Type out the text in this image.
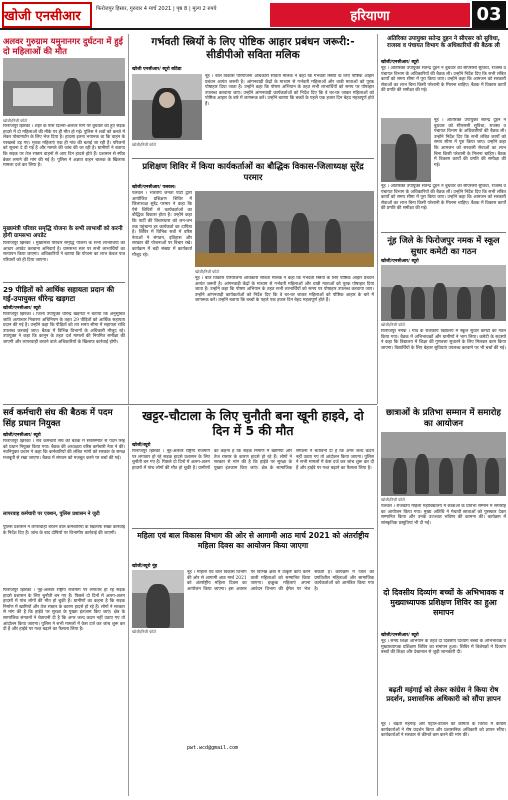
खोजी एनसीआर	फिरोजपुर हिसार, गुरुवार 4 मार्च 2021 | पृष्ठ 8 | मूल्य 2 रुपये	हरियाणा	03
अलवर गुरुग्राम यमुनानगर दुर्घटना में हुई दो महिलाओं की मौत
खोजी/निजी फोटो
फिरोजपुर झिरका । शहर के पास दिल्ली-अलवर मार्ग पर बुधवार को हुए सड़क हादसे में दो महिलाओं की मौके पर ही मौत हो गई। पुलिस ने शवों को कब्जे में लेकर पोस्टमार्टम के लिए भेज दिया है। हादसा इतना भयानक था कि वाहन के परखच्चे उड़ गए। मृतक महिलाएं एक ही गांव की बताई जा रही हैं। परिजनों को सूचना दे दी गई है और मामले की जांच की जा रही है। ग्रामीणों ने बताया कि सड़क पर तेज रफ्तार वाहनों से आए दिन हादसे होते हैं। प्रशासन से स्पीड ब्रेकर लगाने की मांग की गई है। पुलिस ने अज्ञात वाहन चालक के खिलाफ मामला दर्ज कर लिया है।
मुख्यमंत्री परिवार समृद्धि योजना के सभी लाभार्थी को करनी होगी ग्रामसभा अपडेट
फिरोजपुर झिरका । मुख्यमंत्री परिवार समृद्धि योजना के सभी लाभार्थियों को आधार अपडेट करवाना अनिवार्य है। ग्रामसभा स्तर पर सभी लाभार्थियों का सत्यापन किया जाएगा। अधिकारियों ने बताया कि योजना का लाभ केवल पात्र परिवारों को ही दिया जाएगा।
29 पीड़ितों को आर्थिक सहायता प्रदान की गई-उपायुक्त धीरेन्द्र खड़गटा
खोजी/एनसीआर/ ब्यूरो
फिरोजपुर झिरका । जिला उपायुक्त धीरेन्द्र खड़गटा ने बताया कि अनुसूचित जाति अत्याचार निवारण अधिनियम के तहत 29 पीड़ितों को आर्थिक सहायता प्रदान की गई है। उन्होंने कहा कि पीड़ितों को तय समय सीमा में सहायता राशि उपलब्ध करवाई जाए। बैठक में विभिन्न विभागों के अधिकारी मौजूद रहे। उपायुक्त ने कहा कि कानून के तहत दर्ज मामलों की नियमित समीक्षा की जाएगी और लापरवाही बरतने वाले अधिकारियों के खिलाफ कार्रवाई होगी।
गर्भवती स्त्रियों के लिए पोष्टिक आहार प्रबंधन जरूरी:- सीडीपीओ सविता मलिक
खोजी एनसीआर/ ब्यूरो बठिंडा
खोजी/निजी फोटो
नूंह । बाल विकास परियोजना अधिकारी सविता मलिक ने कहा कि गर्भवती स्त्रियों के लिए पोष्टिक आहार प्रबंधन अत्यंत जरूरी है। आंगनवाड़ी केंद्रों के माध्यम से गर्भवती महिलाओं और धात्री माताओं को पूरक पोषाहार दिया जाता है। उन्होंने कहा कि पोषण अभियान के तहत सभी लाभार्थियों को समय पर पोषाहार उपलब्ध करवाया जाए। उन्होंने आंगनवाड़ी कार्यकर्ताओं को निर्देश दिए कि वे घर-घर जाकर महिलाओं को पोष्टिक आहार के बारे में जागरूक करें। उन्होंने बताया कि बच्चों के पहले एक हजार दिन बेहद महत्वपूर्ण होते हैं।
प्रशिक्षण शिविर में किया कार्यकर्ताओं का बौद्धिक विकास-जिलाध्यक्ष सुरेंद्र परमार
खोजी/एनसीआर/ पलवल।
पलवल । भारतीय जनता पार्टी द्वारा आयोजित प्रशिक्षण शिविर में जिलाध्यक्ष सुरेंद्र परमार ने कहा कि ऐसे शिविरों से कार्यकर्ताओं का बौद्धिक विकास होता है। उन्होंने कहा कि पार्टी की विचारधारा को जन-जन तक पहुंचाना हर कार्यकर्ता का दायित्व है। शिविर में विभिन्न सत्रों में वरिष्ठ नेताओं ने संगठन, इतिहास और सरकार की योजनाओं पर विचार रखे। कार्यक्रम में बड़ी संख्या में कार्यकर्ता मौजूद रहे।
खोजी/निजी फोटो
नूंह । बाल विकास परियोजना अधिकारी सविता मलिक ने कहा कि गर्भवती स्त्रियों के लिए पोष्टिक आहार प्रबंधन अत्यंत जरूरी है। आंगनवाड़ी केंद्रों के माध्यम से गर्भवती महिलाओं और धात्री माताओं को पूरक पोषाहार दिया जाता है। उन्होंने कहा कि पोषण अभियान के तहत सभी लाभार्थियों को समय पर पोषाहार उपलब्ध करवाया जाए। उन्होंने आंगनवाड़ी कार्यकर्ताओं को निर्देश दिए कि वे घर-घर जाकर महिलाओं को पोष्टिक आहार के बारे में जागरूक करें। उन्होंने बताया कि बच्चों के पहले एक हजार दिन बेहद महत्वपूर्ण होते हैं।
अतिरिक्त उपायुक्त सतेन्द्र दुहन ने सीएसर को सुविधा, राजस्व व पंचायत विभाग के अधिकारियों की बैठक ली
खोजी/एनसीआर/ ब्यूरो
नूंह । अतिरिक्त उपायुक्त सतेन्द्र दुहन ने बुधवार को सीएससी सुविधा, राजस्व व पंचायत विभाग के अधिकारियों की बैठक ली। उन्होंने निर्देश दिए कि सभी लंबित कार्यों को समय सीमा में पूरा किया जाए। उन्होंने कहा कि आमजन को सरकारी सेवाओं का लाभ बिना किसी परेशानी के मिलना चाहिए। बैठक में विकास कार्यों की प्रगति की समीक्षा की गई।
नूंह । अतिरिक्त उपायुक्त सतेन्द्र दुहन ने बुधवार को सीएससी सुविधा, राजस्व व पंचायत विभाग के अधिकारियों की बैठक ली। उन्होंने निर्देश दिए कि सभी लंबित कार्यों को समय सीमा में पूरा किया जाए। उन्होंने कहा कि आमजन को सरकारी सेवाओं का लाभ बिना किसी परेशानी के मिलना चाहिए। बैठक में विकास कार्यों की प्रगति की समीक्षा की गई।
नूंह । अतिरिक्त उपायुक्त सतेन्द्र दुहन ने बुधवार को सीएससी सुविधा, राजस्व व पंचायत विभाग के अधिकारियों की बैठक ली। उन्होंने निर्देश दिए कि सभी लंबित कार्यों को समय सीमा में पूरा किया जाए। उन्होंने कहा कि आमजन को सरकारी सेवाओं का लाभ बिना किसी परेशानी के मिलना चाहिए। बैठक में विकास कार्यों की प्रगति की समीक्षा की गई।
नूंह जिले के फिरोजपुर नमक में स्कूल सुधार कमेटी का गठन
खोजी/एनसीआर/ ब्यूरो
खोजी/निजी फोटो
फिरोजपुर नमक । गांव के राजकीय विद्यालय में स्कूल सुधार कमेटी का गठन किया गया। बैठक में अभिभावकों और ग्रामीणों ने भाग लिया। कमेटी के सदस्यों ने कहा कि विद्यालय में शिक्षा की गुणवत्ता सुधारने के लिए मिलकर काम किया जाएगा। विद्यार्थियों के लिए बेहतर सुविधाएं उपलब्ध करवाने पर भी चर्चा की गई।
खट्टर-चौटाला के लिए चुनौती बना खूनी हाइवे, दो दिन में 5 की मौत
खोजी/ब्यूरो
फिरोजपुर झिरका । नूंह-अलवर राष्ट्रीय राजमार्ग पर लगातार हो रहे सड़क हादसे प्रशासन के लिए चुनौती बन गए हैं। पिछले दो दिनों में अलग-अलग हादसों में पांच लोगों की मौत हो चुकी है। ग्रामीणों का कहना है कि सड़क निर्माण में खामियों और तेज रफ्तार के कारण हादसे हो रहे हैं। लोगों ने सरकार से मांग की है कि हाईवे पर सुरक्षा के पुख्ता इंतजाम किए जाएं। क्षेत्र के सामाजिक संगठनों ने चेतावनी दी है कि अगर जल्द कदम नहीं उठाए गए तो आंदोलन किया जाएगा। पुलिस ने सभी मामलों में केस दर्ज कर जांच शुरू कर दी है और हाईवे पर गश्त बढ़ाने का फैसला लिया है।
सर्व कर्मचारी संघ की बैठक में पदम सिंह प्रधान नियुक्त
खोजी/एनसीआर/ ब्यूरो
फिरोजपुर झिरका । सर्व कर्मचारी संघ की बैठक में सर्वसम्मति से पदम सिंह को प्रधान नियुक्त किया गया। बैठक की अध्यक्षता वरिष्ठ कर्मचारी नेता ने की। नवनियुक्त प्रधान ने कहा कि कर्मचारियों की लंबित मांगों को सरकार के समक्ष मजबूती से रखा जाएगा। बैठक में संगठन को मजबूत करने पर चर्चा की गई।
लापरवाह कर्मचारी पर एक्शन, पुलिस प्रशासन ने जुटी
पुलिस प्रशासन ने लापरवाही बरतने वाले कर्मचारियों के खिलाफ सख्त कार्रवाई के निर्देश दिए हैं। जांच के बाद दोषियों पर विभागीय कार्रवाई की जाएगी।
छात्राओं के प्रतिभा सम्मान में समारोह का आयोजन
खोजी/निजी फोटो
पलवल । राजकीय महिला महाविद्यालय में छात्राओं के प्रतिभा सम्मान में समारोह का आयोजन किया गया। मुख्य अतिथि ने मेधावी छात्राओं को पुरस्कार देकर सम्मानित किया और उनके उज्ज्वल भविष्य की कामना की। कार्यक्रम में सांस्कृतिक प्रस्तुतियां भी दी गईं।
महिला एवं बाल विकास विभाग की ओर से आगामी आठ मार्च 2021 को अंतर्राष्ट्रीय महिला दिवस का आयोजन किया जाएगा
खोजी/ब्यूरो नूंह
खोजी/निजी फोटो
नूंह । महिला एवं बाल विकास विभाग की ओर से आगामी आठ मार्च 2021 को अंतर्राष्ट्रीय महिला दिवस का आयोजन किया जाएगा। इस अवसर पर विभिन्न क्षेत्रों में उत्कृष्ट कार्य करने वाली महिलाओं को सम्मानित किया जाएगा। इच्छुक महिलाएं अपना आवेदन विभाग की ईमेल पर भेज सकती हैं। कार्यक्रम में जिले की प्रगतिशील महिलाओं और सामाजिक कार्यकर्ताओं को आमंत्रित किया गया है।
pwt.wcd@gmail.com
दो दिवसीय दिव्यांग बच्चों के अभिभावक व मुख्याध्यापक प्रशिक्षण शिविर का हुआ समापन
खोजी/एनसीआर/ ब्यूरो
नूंह । समग्र शिक्षा अभियान के तहत दो दिवसीय दिव्यांग बच्चों के अभिभावक व मुख्याध्यापक प्रशिक्षण शिविर का समापन हुआ। शिविर में विशेषज्ञों ने दिव्यांग बच्चों की शिक्षा और देखभाल से जुड़ी जानकारी दी।
बढ़ती महंगाई को लेकर कांग्रेस ने किया रोष प्रदर्शन, प्रशासनिक अधिकारी को सौंपा ज्ञापन
नूंह । बढ़ती महंगाई और पेट्रोल-डीजल की कीमतों के विरोध में कांग्रेस कार्यकर्ताओं ने रोष प्रदर्शन किया और प्रशासनिक अधिकारी को ज्ञापन सौंपा। कार्यकर्ताओं ने सरकार से कीमतें कम करने की मांग की।
फिरोजपुर झिरका । नूंह-अलवर राष्ट्रीय राजमार्ग पर लगातार हो रहे सड़क हादसे प्रशासन के लिए चुनौती बन गए हैं। पिछले दो दिनों में अलग-अलग हादसों में पांच लोगों की मौत हो चुकी है। ग्रामीणों का कहना है कि सड़क निर्माण में खामियों और तेज रफ्तार के कारण हादसे हो रहे हैं। लोगों ने सरकार से मांग की है कि हाईवे पर सुरक्षा के पुख्ता इंतजाम किए जाएं। क्षेत्र के सामाजिक संगठनों ने चेतावनी दी है कि अगर जल्द कदम नहीं उठाए गए तो आंदोलन किया जाएगा। पुलिस ने सभी मामलों में केस दर्ज कर जांच शुरू कर दी है और हाईवे पर गश्त बढ़ाने का फैसला लिया है।
